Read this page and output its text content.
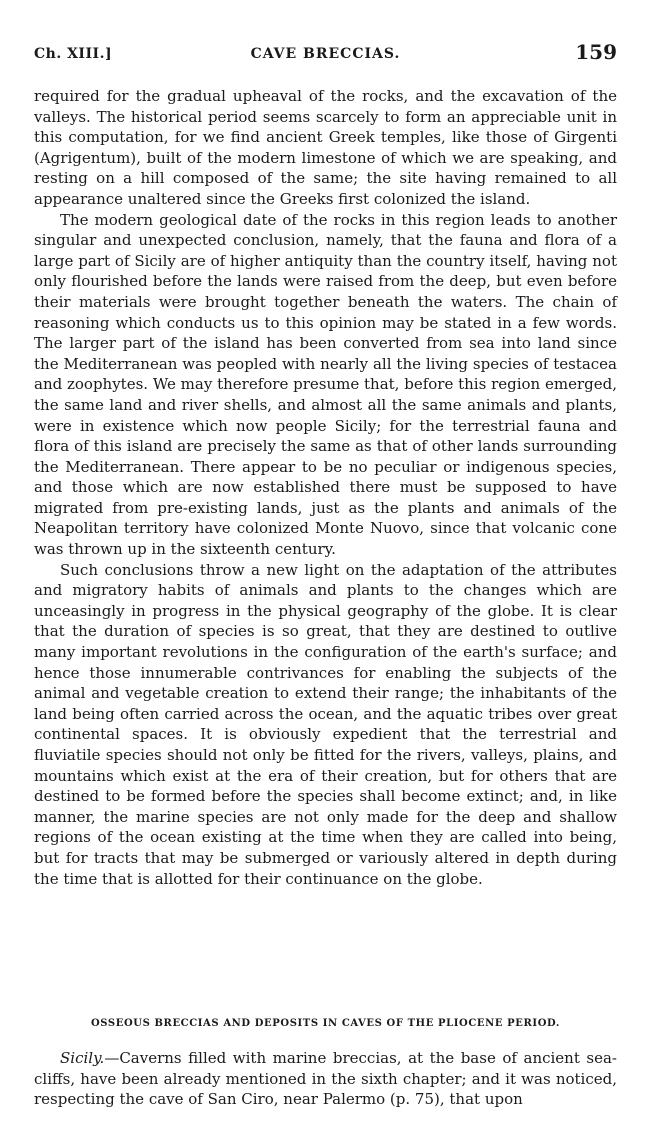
Ch. XIII.]	CAVE BRECCIAS.	159

required for the gradual upheaval of the rocks, and the excavation of the valleys. The historical period seems scarcely to form an appreciable unit in this computation, for we find ancient Greek temples, like those of Girgenti (Agrigentum), built of the modern limestone of which we are speaking, and resting on a hill composed of the same; the site having remained to all appearance unaltered since the Greeks first colonized the island.

The modern geological date of the rocks in this region leads to another singular and unexpected conclusion, namely, that the fauna and flora of a large part of Sicily are of higher antiquity than the country itself, having not only flourished before the lands were raised from the deep, but even before their materials were brought together beneath the waters. The chain of reasoning which conducts us to this opinion may be stated in a few words. The larger part of the island has been converted from sea into land since the Mediterranean was peopled with nearly all the living species of testacea and zoophytes. We may therefore presume that, before this region emerged, the same land and river shells, and almost all the same animals and plants, were in existence which now people Sicily; for the terrestrial fauna and flora of this island are precisely the same as that of other lands surrounding the Mediterranean. There appear to be no peculiar or indigenous species, and those which are now established there must be supposed to have migrated from pre-existing lands, just as the plants and animals of the Neapolitan territory have colonized Monte Nuovo, since that volcanic cone was thrown up in the sixteenth century.

Such conclusions throw a new light on the adaptation of the attributes and migratory habits of animals and plants to the changes which are unceasingly in progress in the physical geography of the globe. It is clear that the duration of species is so great, that they are destined to outlive many important revolutions in the configuration of the earth's surface; and hence those innumerable contrivances for enabling the subjects of the animal and vegetable creation to extend their range; the inhabitants of the land being often carried across the ocean, and the aquatic tribes over great continental spaces. It is obviously expedient that the terrestrial and fluviatile species should not only be fitted for the rivers, valleys, plains, and mountains which exist at the era of their creation, but for others that are destined to be formed before the species shall become extinct; and, in like manner, the marine species are not only made for the deep and shallow regions of the ocean existing at the time when they are called into being, but for tracts that may be submerged or variously altered in depth during the time that is allotted for their continuance on the globe.

OSSEOUS BRECCIAS AND DEPOSITS IN CAVES OF THE PLIOCENE PERIOD.

Sicily.—Caverns filled with marine breccias, at the base of ancient sea-cliffs, have been already mentioned in the sixth chapter; and it was noticed, respecting the cave of San Ciro, near Palermo (p. 75), that upon
